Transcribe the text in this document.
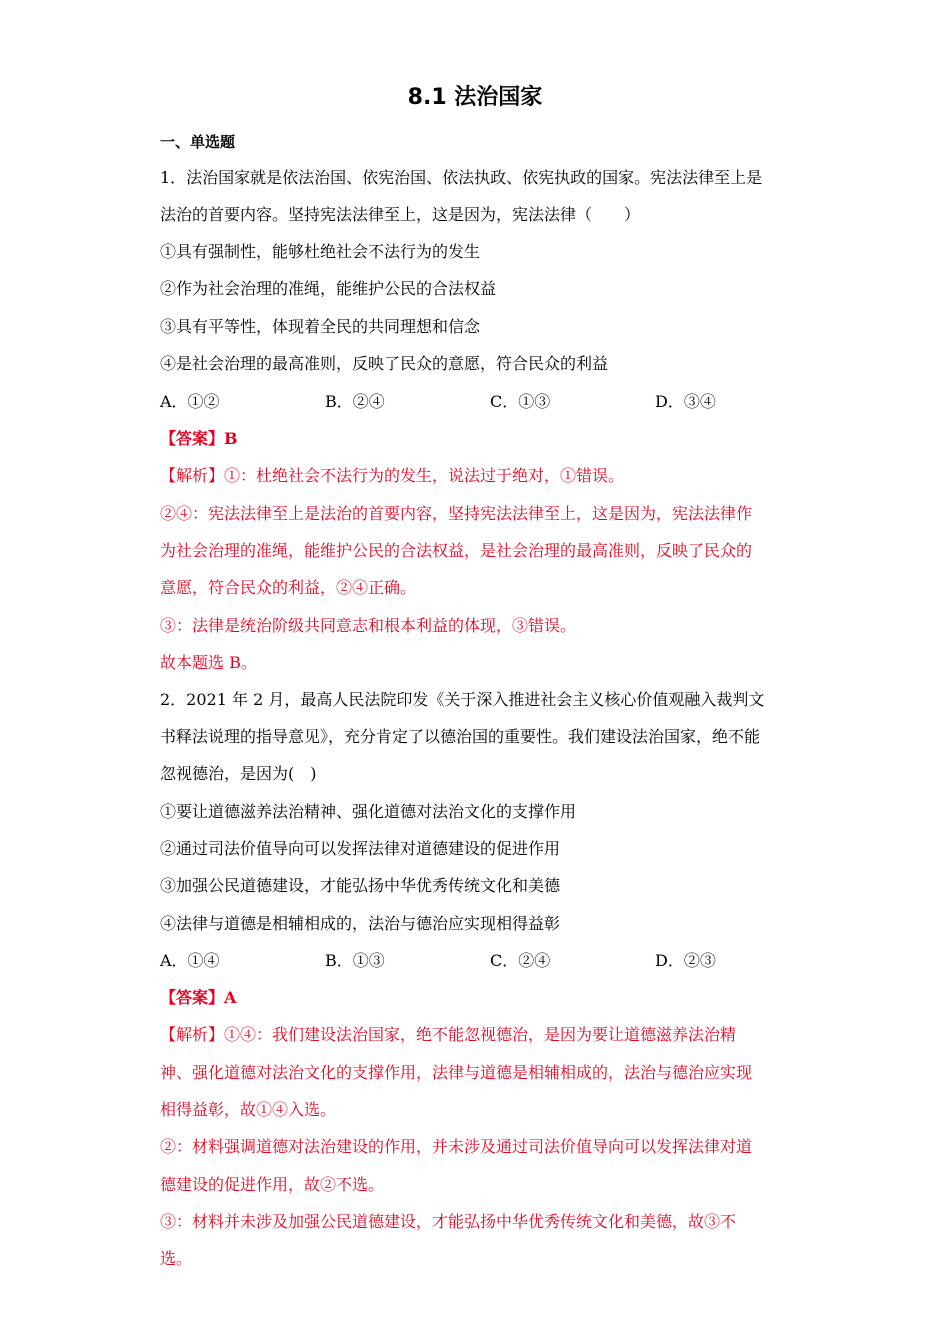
8.1 法治国家
一、单选题
1．法治国家就是依法治国、依宪治国、依法执政、依宪执政的国家。宪法法律至上是
法治的首要内容。坚持宪法法律至上，这是因为，宪法法律（　　）
①具有强制性，能够杜绝社会不法行为的发生
②作为社会治理的准绳，能维护公民的合法权益
③具有平等性，体现着全民的共同理想和信念
④是社会治理的最高准则，反映了民众的意愿，符合民众的利益
A．①②	B．②④	C．①③	D．③④
【答案】B
【解析】①：杜绝社会不法行为的发生，说法过于绝对，①错误。
②④：宪法法律至上是法治的首要内容，坚持宪法法律至上，这是因为，宪法法律作
为社会治理的准绳，能维护公民的合法权益，是社会治理的最高准则，反映了民众的
意愿，符合民众的利益，②④正确。
③：法律是统治阶级共同意志和根本利益的体现，③错误。
故本题选 B。
2．2021 年 2 月，最高人民法院印发《关于深入推进社会主义核心价值观融入裁判文
书释法说理的指导意见》，充分肯定了以德治国的重要性。我们建设法治国家，绝不能
忽视德治，是因为(　)
①要让道德滋养法治精神、强化道德对法治文化的支撑作用
②通过司法价值导向可以发挥法律对道德建设的促进作用
③加强公民道德建设，才能弘扬中华优秀传统文化和美德
④法律与道德是相辅相成的，法治与德治应实现相得益彰
A．①④	B．①③	C．②④	D．②③
【答案】A
【解析】①④：我们建设法治国家，绝不能忽视德治，是因为要让道德滋养法治精
神、强化道德对法治文化的支撑作用，法律与道德是相辅相成的，法治与德治应实现
相得益彰，故①④入选。
②：材料强调道德对法治建设的作用，并未涉及通过司法价值导向可以发挥法律对道
德建设的促进作用，故②不选。
③：材料并未涉及加强公民道德建设，才能弘扬中华优秀传统文化和美德，故③不
选。
